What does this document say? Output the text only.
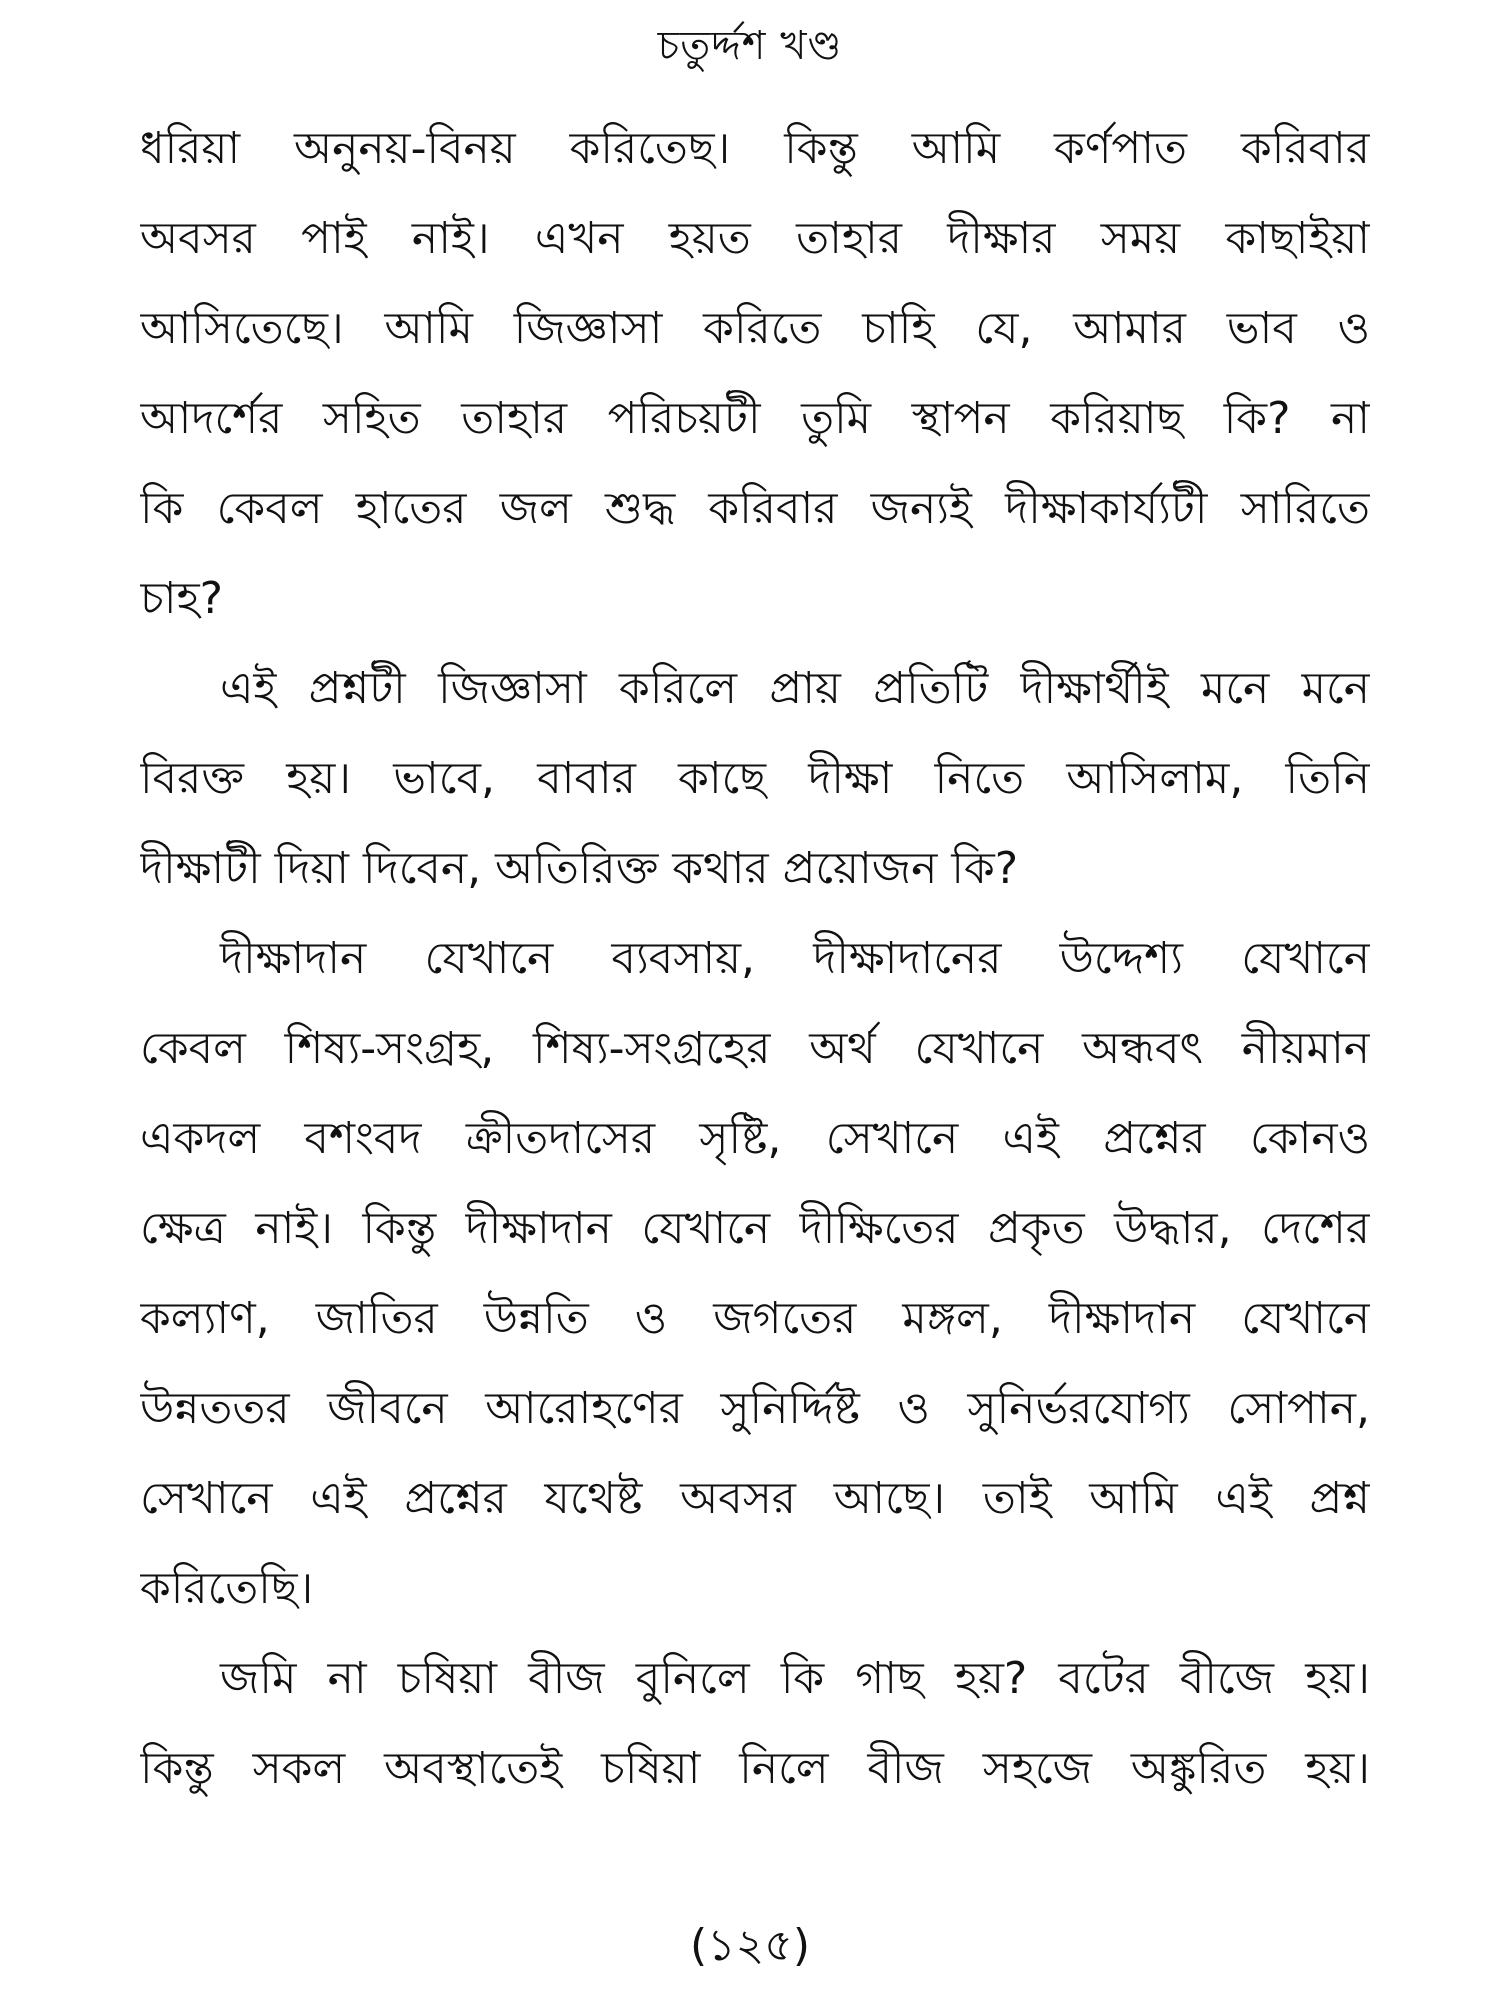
চতুর্দ্দশ খণ্ড
ধরিয়া অনুনয়-বিনয় করিতেছ। কিন্তু আমি কর্ণপাত করিবার
অবসর পাই নাই। এখন হয়ত তাহার দীক্ষার সময় কাছাইয়া
আসিতেছে। আমি জিজ্ঞাসা করিতে চাহি যে, আমার ভাব ও
আদর্শের সহিত তাহার পরিচয়টী তুমি স্থাপন করিয়াছ কি? না
কি কেবল হাতের জল শুদ্ধ করিবার জন্যই দীক্ষাকার্য্যটী সারিতে
চাহ?
এই প্রশ্নটী জিজ্ঞাসা করিলে প্রায় প্রতিটি দীক্ষার্থীই মনে মনে
বিরক্ত হয়। ভাবে, বাবার কাছে দীক্ষা নিতে আসিলাম, তিনি
দীক্ষাটী দিয়া দিবেন, অতিরিক্ত কথার প্রয়োজন কি?
দীক্ষাদান যেখানে ব্যবসায়, দীক্ষাদানের উদ্দেশ্য যেখানে
কেবল শিষ্য-সংগ্রহ, শিষ্য-সংগ্রহের অর্থ যেখানে অন্ধবৎ নীয়মান
একদল বশংবদ ক্রীতদাসের সৃষ্টি, সেখানে এই প্রশ্নের কোনও
ক্ষেত্র নাই। কিন্তু দীক্ষাদান যেখানে দীক্ষিতের প্রকৃত উদ্ধার, দেশের
কল্যাণ, জাতির উন্নতি ও জগতের মঙ্গল, দীক্ষাদান যেখানে
উন্নততর জীবনে আরোহণের সুনির্দ্দিষ্ট ও সুনির্ভরযোগ্য সোপান,
সেখানে এই প্রশ্নের যথেষ্ট অবসর আছে। তাই আমি এই প্রশ্ন
করিতেছি।
জমি না চষিয়া বীজ বুনিলে কি গাছ হয়? বটের বীজে হয়।
কিন্তু সকল অবস্থাতেই চষিয়া নিলে বীজ সহজে অঙ্কুরিত হয়।
(১২৫)
